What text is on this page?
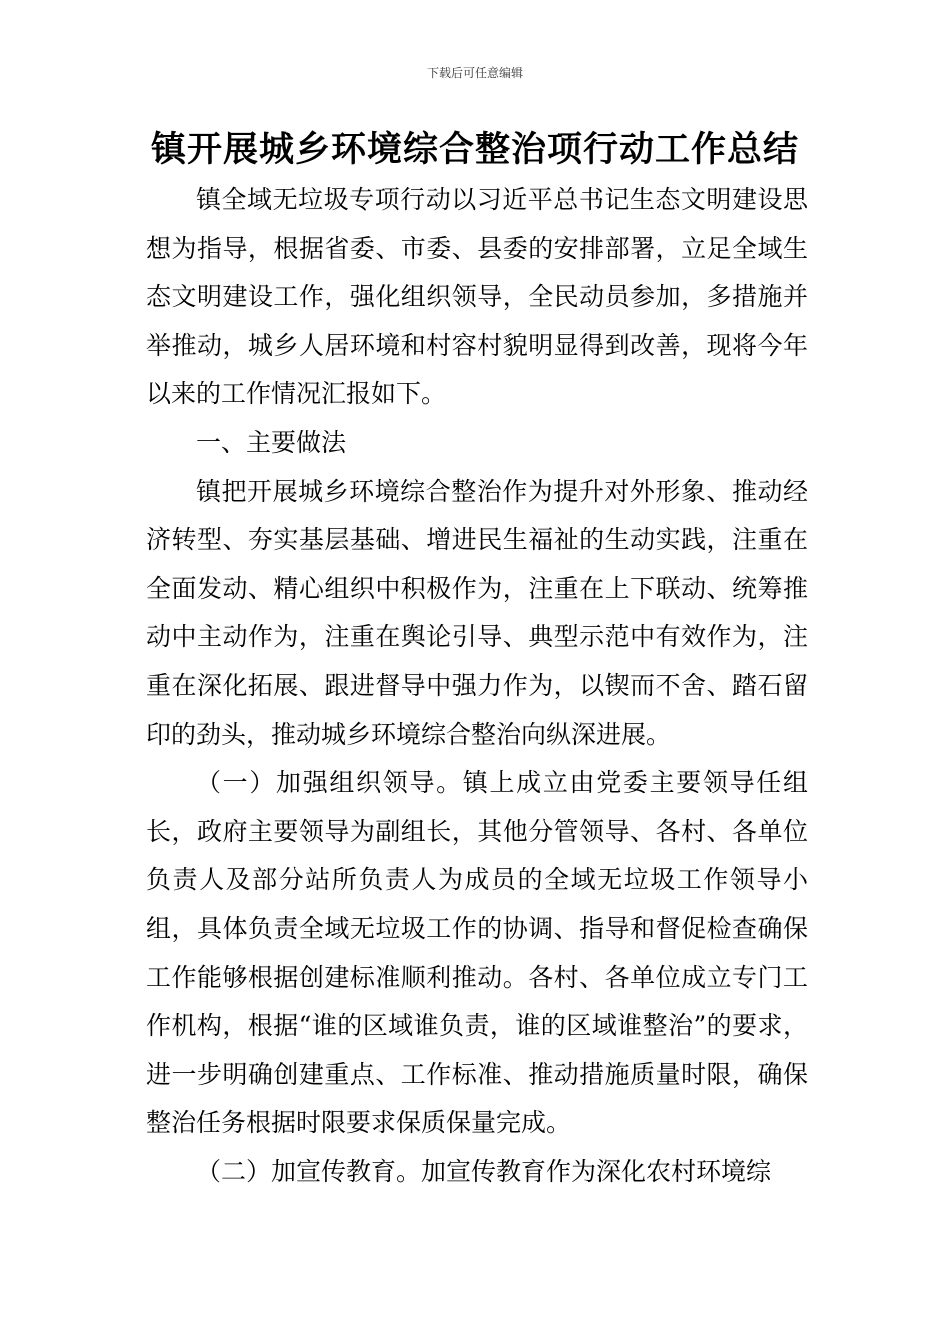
下载后可任意编辑
镇开展城乡环境综合整治项行动工作总结

镇全域无垃圾专项行动以习近平总书记生态文明建设思想为指导，根据省委、市委、县委的安排部署，立足全域生态文明建设工作，强化组织领导，全民动员参加，多措施并举推动，城乡人居环境和村容村貌明显得到改善，现将今年以来的工作情况汇报如下。

一、主要做法

镇把开展城乡环境综合整治作为提升对外形象、推动经济转型、夯实基层基础、增进民生福祉的生动实践，注重在全面发动、精心组织中积极作为，注重在上下联动、统筹推动中主动作为，注重在舆论引导、典型示范中有效作为，注重在深化拓展、跟进督导中强力作为，以锲而不舍、踏石留印的劲头，推动城乡环境综合整治向纵深进展。

（一）加强组织领导。镇上成立由党委主要领导任组长，政府主要领导为副组长，其他分管领导、各村、各单位负责人及部分站所负责人为成员的全域无垃圾工作领导小组，具体负责全域无垃圾工作的协调、指导和督促检查确保工作能够根据创建标准顺利推动。各村、各单位成立专门工作机构，根据“谁的区域谁负责，谁的区域谁整治”的要求，进一步明确创建重点、工作标准、推动措施质量时限，确保整治任务根据时限要求保质保量完成。

（二）加宣传教育。加宣传教育作为深化农村环境综
